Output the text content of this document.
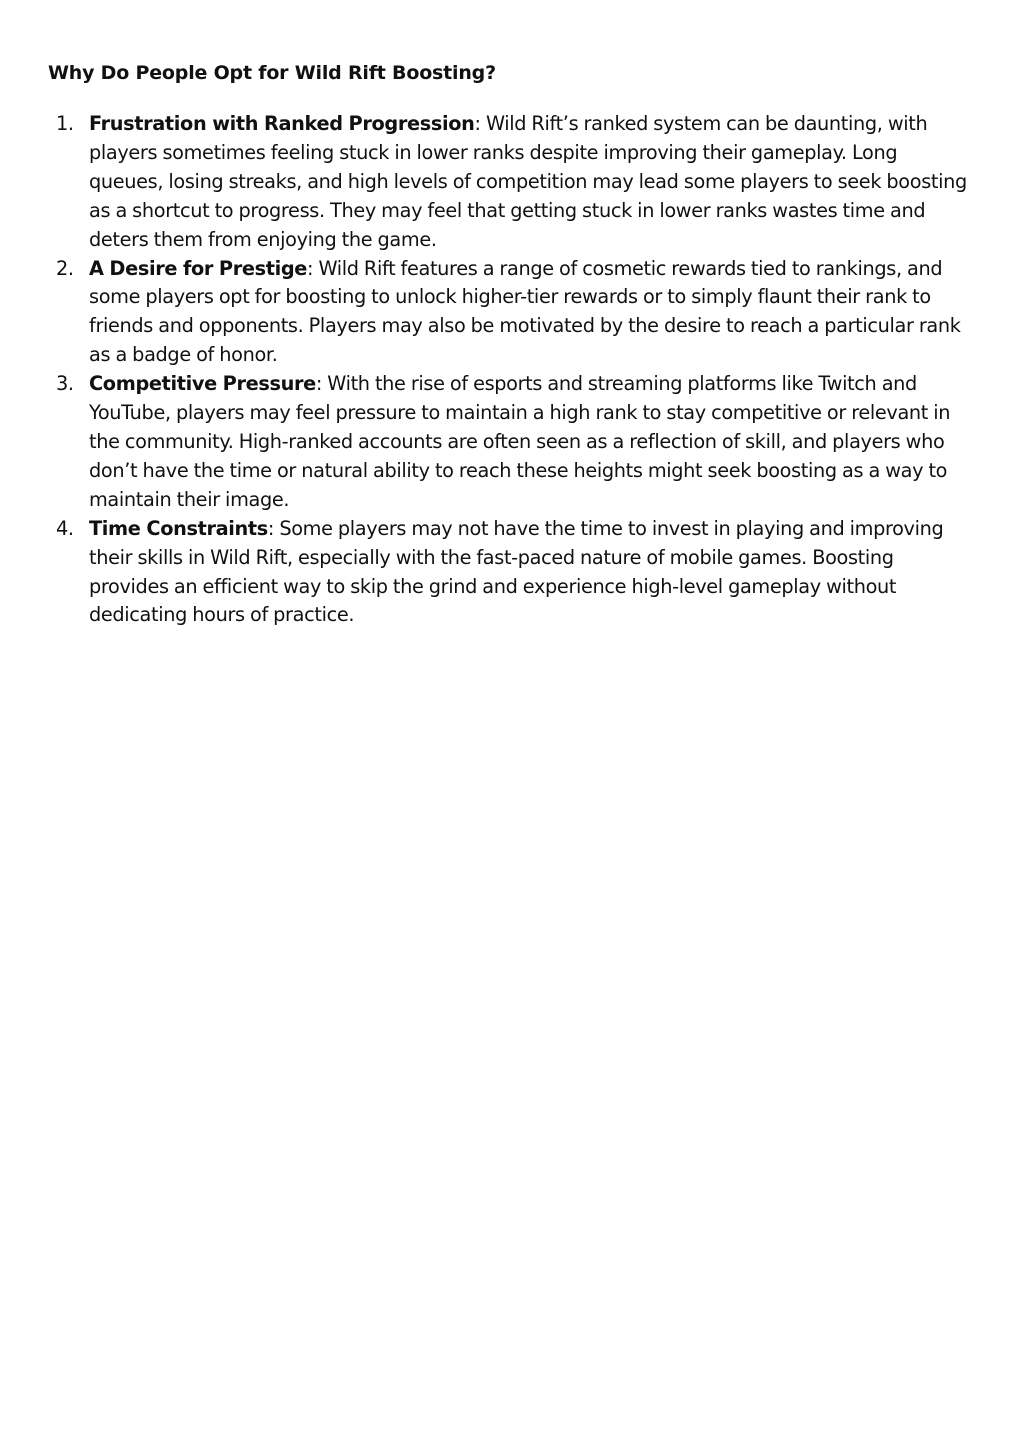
Why Do People Opt for Wild Rift Boosting?
1. Frustration with Ranked Progression: Wild Rift’s ranked system can be daunting, with players sometimes feeling stuck in lower ranks despite improving their gameplay. Long queues, losing streaks, and high levels of competition may lead some players to seek boosting as a shortcut to progress. They may feel that getting stuck in lower ranks wastes time and deters them from enjoying the game.
2. A Desire for Prestige: Wild Rift features a range of cosmetic rewards tied to rankings, and some players opt for boosting to unlock higher-tier rewards or to simply flaunt their rank to friends and opponents. Players may also be motivated by the desire to reach a particular rank as a badge of honor.
3. Competitive Pressure: With the rise of esports and streaming platforms like Twitch and YouTube, players may feel pressure to maintain a high rank to stay competitive or relevant in the community. High-ranked accounts are often seen as a reflection of skill, and players who don’t have the time or natural ability to reach these heights might seek boosting as a way to maintain their image.
4. Time Constraints: Some players may not have the time to invest in playing and improving their skills in Wild Rift, especially with the fast-paced nature of mobile games. Boosting provides an efficient way to skip the grind and experience high-level gameplay without dedicating hours of practice.
